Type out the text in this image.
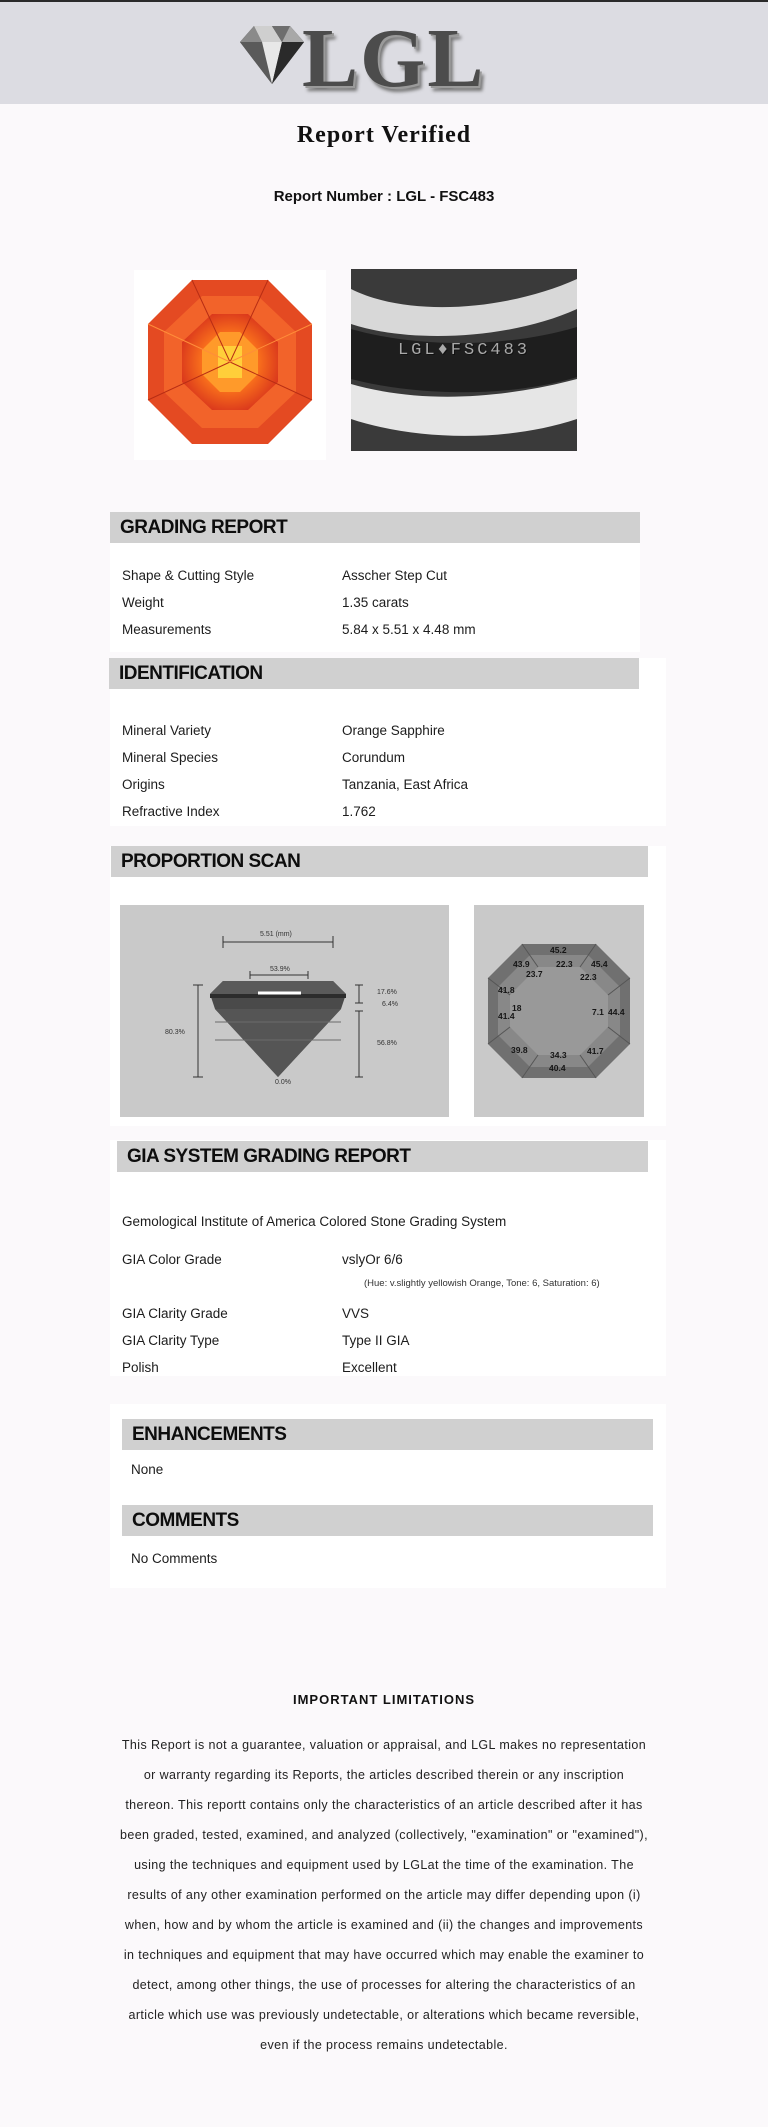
LGL
Report Verified
Report Number : LGL - FSC483
LGL♦FSC483
GRADING REPORT
Shape & Cutting Style	Asscher Step Cut
Weight	1.35 carats
Measurements	5.84 x 5.51 x 4.48 mm
IDENTIFICATION
Mineral Variety	Orange Sapphire
Mineral Species	Corundum
Origins	Tanzania, East Africa
Refractive Index	1.762
PROPORTION SCAN
5.51 (mm)
53.9%
80.3%
17.6%
6.4%
56.8%
0.0%
45.2
43.9	22.3 45.4
23.7	22.3
41.8
18
41.4	7.1 44.4
39.8	34.3 41.7
40.4
GIA SYSTEM GRADING REPORT
Gemological Institute of America Colored Stone Grading System
GIA Color Grade	vslyOr 6/6
(Hue: v.slightly yellowish Orange, Tone: 6, Saturation: 6)
GIA Clarity Grade	VVS
GIA Clarity Type	Type II GIA
Polish	Excellent
ENHANCEMENTS
None
COMMENTS
No Comments
IMPORTANT LIMITATIONS
This Report is not a guarantee, valuation or appraisal, and LGL makes no representation or warranty regarding its Reports, the articles described therein or any inscription thereon. This reportt contains only the characteristics of an article described after it has been graded, tested, examined, and analyzed (collectively, "examination" or "examined"), using the techniques and equipment used by LGLat the time of the examination. The results of any other examination performed on the article may differ depending upon (i) when, how and by whom the article is examined and (ii) the changes and improvements in techniques and equipment that may have occurred which may enable the examiner to detect, among other things, the use of processes for altering the characteristics of an article which use was previously undetectable, or alterations which became reversible, even if the process remains undetectable.
